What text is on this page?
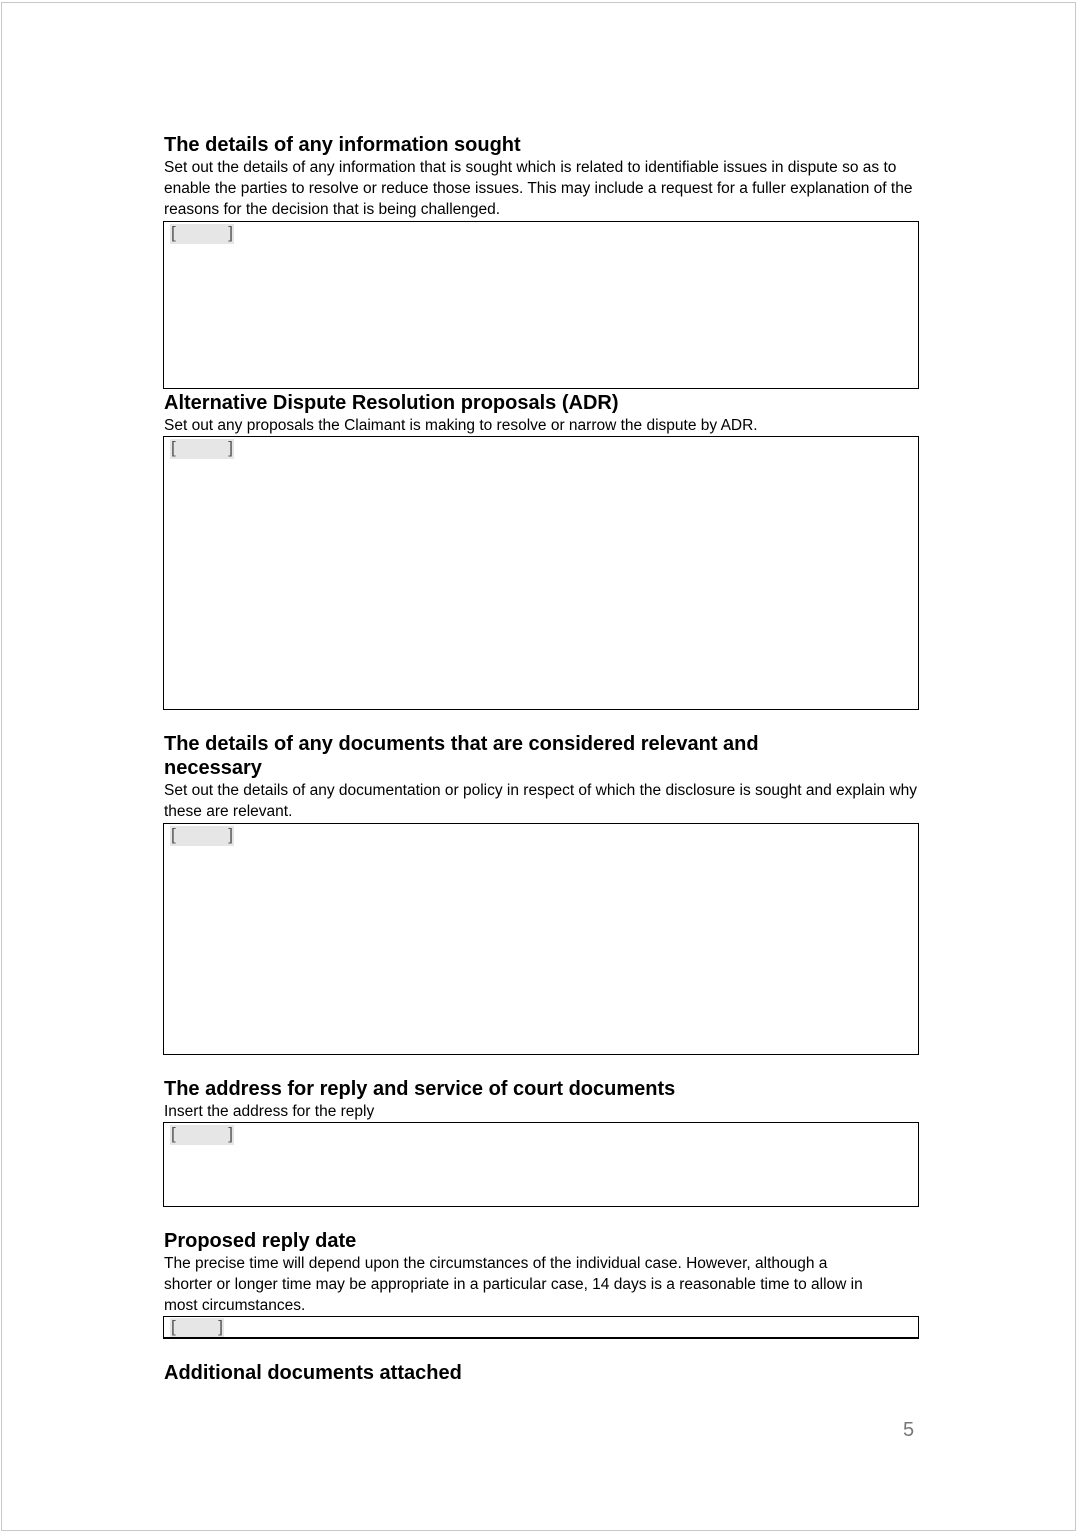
The details of any information sought

Set out the details of any information that is sought which is related to identifiable issues in dispute so as to enable the parties to resolve or reduce those issues. This may include a request for a fuller explanation of the reasons for the decision that is being challenged.

[	]

Alternative Dispute Resolution proposals (ADR)

Set out any proposals the Claimant is making to resolve or narrow the dispute by ADR.

[	]

The details of any documents that are considered relevant and necessary

Set out the details of any documentation or policy in respect of which the disclosure is sought and explain why these are relevant.

[	]

The address for reply and service of court documents

Insert the address for the reply

[	]

Proposed reply date

The precise time will depend upon the circumstances of the individual case. However, although a shorter or longer time may be appropriate in a particular case, 14 days is a reasonable time to allow in most circumstances.

[	]

Additional documents attached

5
